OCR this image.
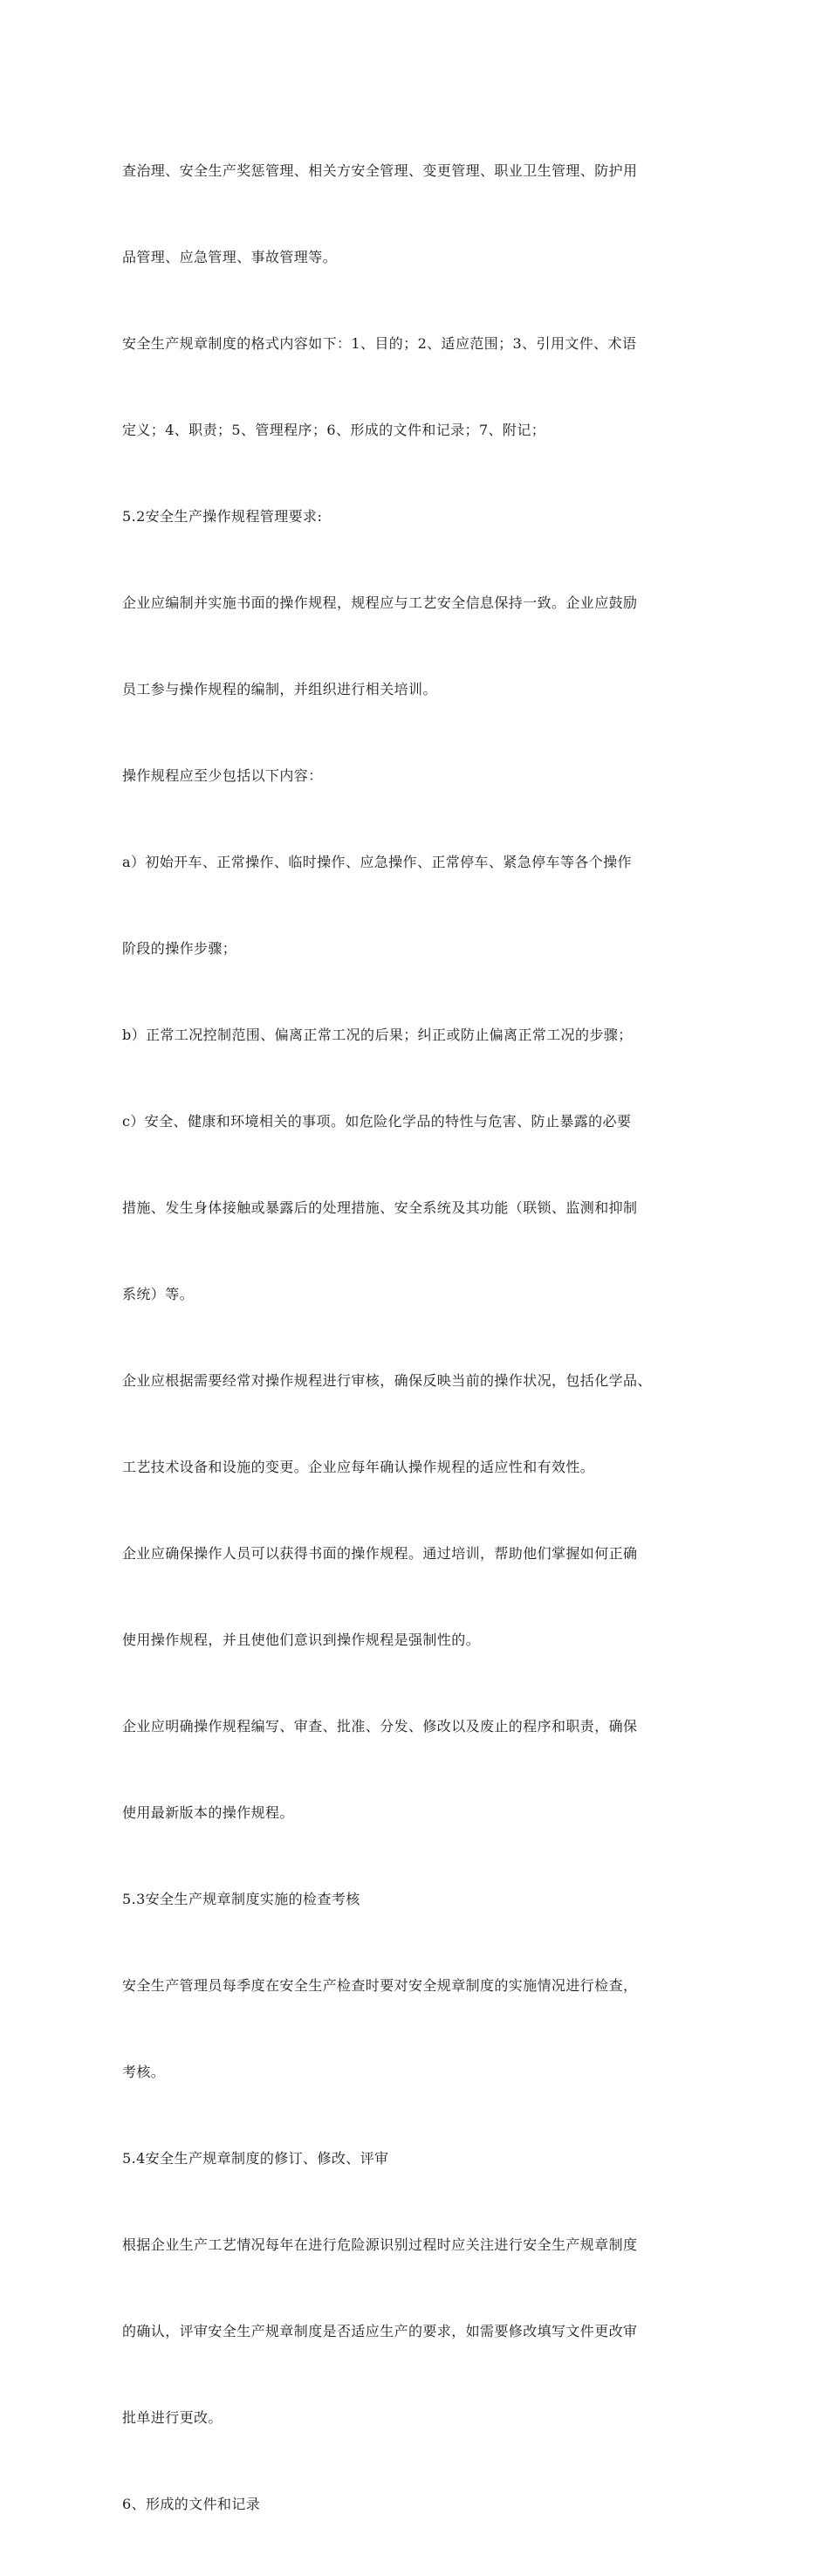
查治理、安全生产奖惩管理、相关方安全管理、变更管理、职业卫生管理、防护用

品管理、应急管理、事故管理等。

安全生产规章制度的格式内容如下：1、目的；2、适应范围；3、引用文件、术语

定义；4、职责；5、管理程序；6、形成的文件和记录；7、附记；

5.2安全生产操作规程管理要求:

企业应编制并实施书面的操作规程，规程应与工艺安全信息保持一致。企业应鼓励

员工参与操作规程的编制，并组织进行相关培训。

操作规程应至少包括以下内容：

a）初始开车、正常操作、临时操作、应急操作、正常停车、紧急停车等各个操作

阶段的操作步骤；

b）正常工况控制范围、偏离正常工况的后果；纠正或防止偏离正常工况的步骤；

c）安全、健康和环境相关的事项。如危险化学品的特性与危害、防止暴露的必要

措施、发生身体接触或暴露后的处理措施、安全系统及其功能（联锁、监测和抑制

系统）等。

企业应根据需要经常对操作规程进行审核，确保反映当前的操作状况，包括化学品、

工艺技术设备和设施的变更。企业应每年确认操作规程的适应性和有效性。

企业应确保操作人员可以获得书面的操作规程。通过培训，帮助他们掌握如何正确

使用操作规程，并且使他们意识到操作规程是强制性的。

企业应明确操作规程编写、审查、批准、分发、修改以及废止的程序和职责，确保

使用最新版本的操作规程。

5.3安全生产规章制度实施的检查考核

安全生产管理员每季度在安全生产检查时要对安全规章制度的实施情况进行检查，

考核。

5.4安全生产规章制度的修订、修改、评审

根据企业生产工艺情况每年在进行危险源识别过程时应关注进行安全生产规章制度

的确认，评审安全生产规章制度是否适应生产的要求，如需要修改填写文件更改审

批单进行更改。

6、形成的文件和记录
